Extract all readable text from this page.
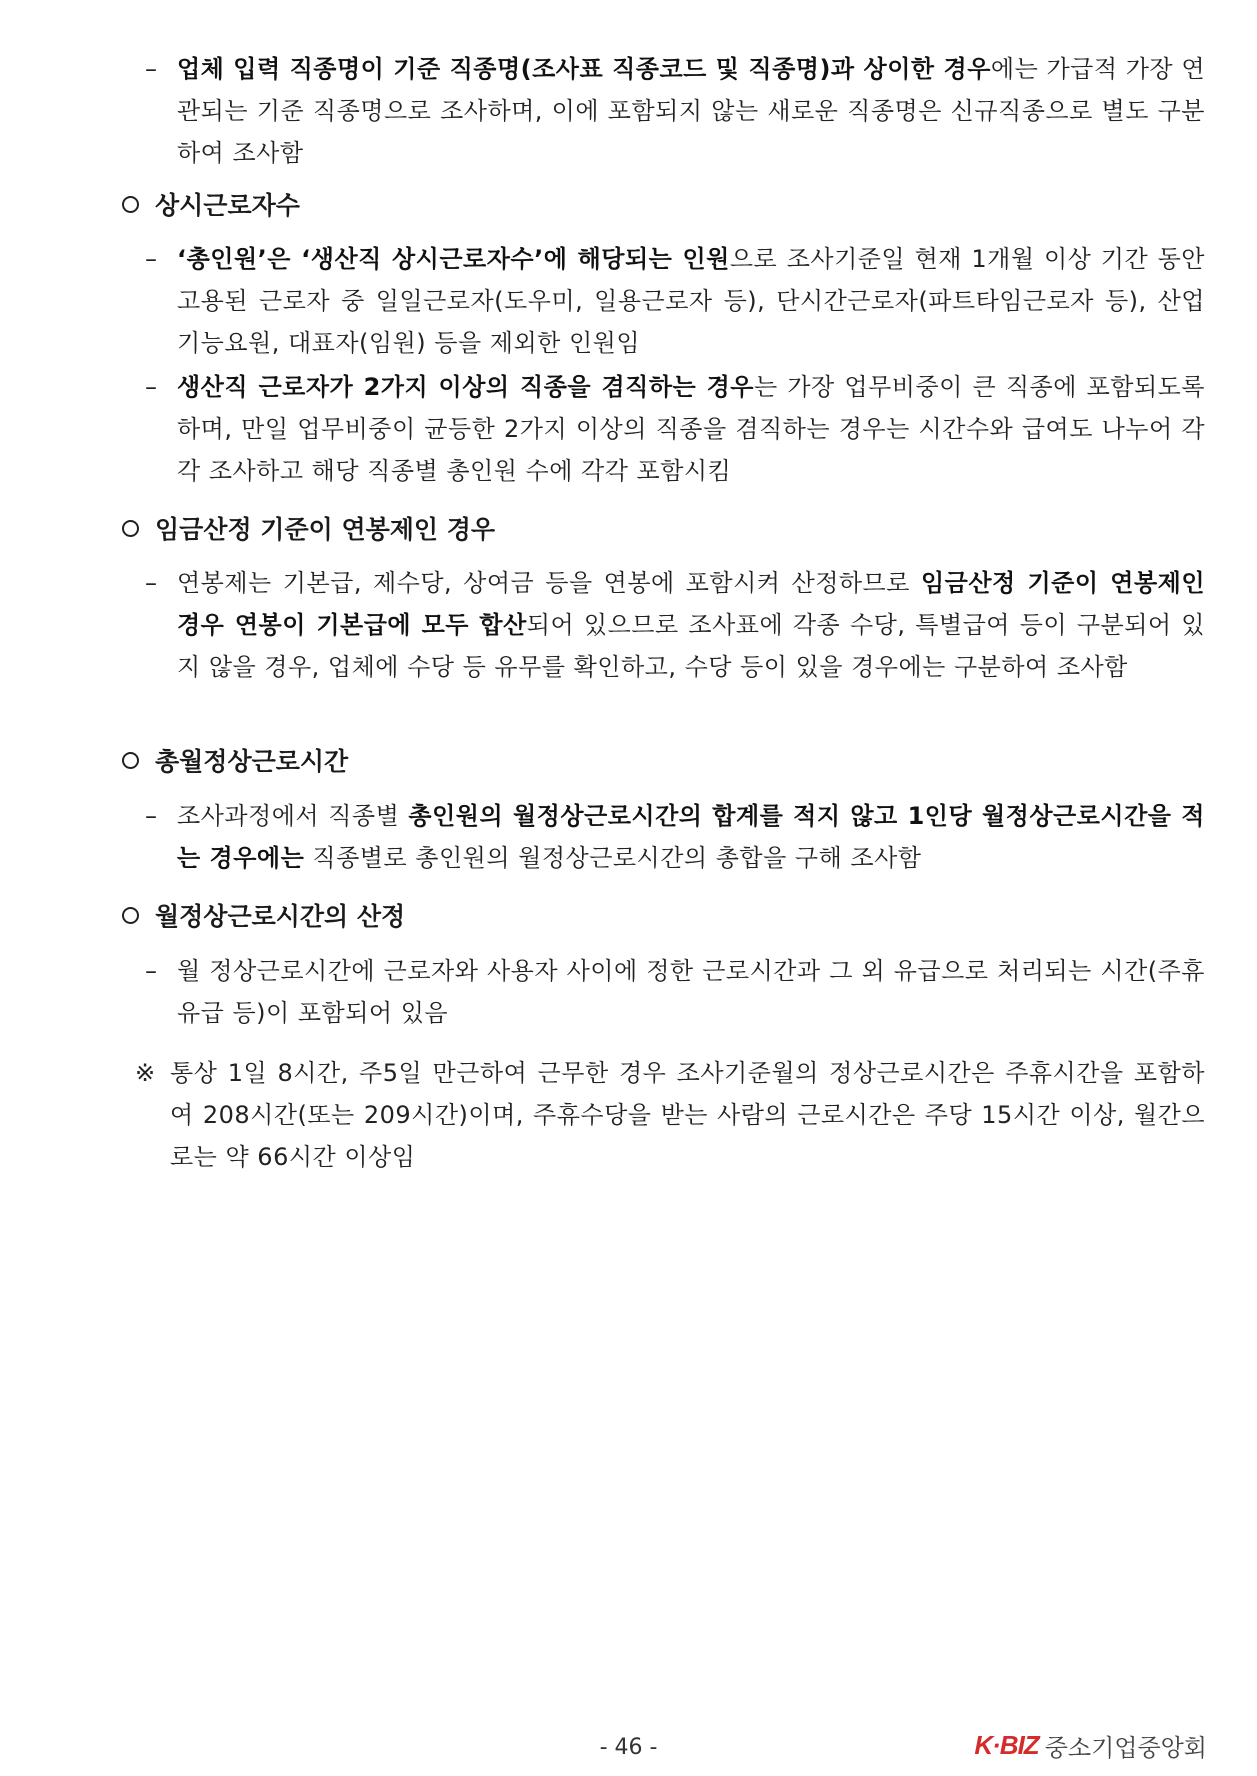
– 업체 입력 직종명이 기준 직종명(조사표 직종코드 및 직종명)과 상이한 경우에는 가급적 가장 연관되는 기준 직종명으로 조사하며, 이에 포함되지 않는 새로운 직종명은 신규직종으로 별도 구분하여 조사함
상시근로자수
– ‘총인원’은 ‘생산직 상시근로자수’에 해당되는 인원으로 조사기준일 현재 1개월 이상 기간 동안 고용된 근로자 중 일일근로자(도우미, 일용근로자 등), 단시간근로자(파트타임근로자 등), 산업기능요원, 대표자(임원) 등을 제외한 인원임
– 생산직 근로자가 2가지 이상의 직종을 겸직하는 경우는 가장 업무비중이 큰 직종에 포함되도록 하며, 만일 업무비중이 균등한 2가지 이상의 직종을 겸직하는 경우는 시간수와 급여도 나누어 각각 조사하고 해당 직종별 총인원 수에 각각 포함시킴
임금산정 기준이 연봉제인 경우
– 연봉제는 기본급, 제수당, 상여금 등을 연봉에 포함시켜 산정하므로 임금산정 기준이 연봉제인 경우 연봉이 기본급에 모두 합산되어 있으므로 조사표에 각종 수당, 특별급여 등이 구분되어 있지 않을 경우, 업체에 수당 등 유무를 확인하고, 수당 등이 있을 경우에는 구분하여 조사함
총월정상근로시간
– 조사과정에서 직종별 총인원의 월정상근로시간의 합계를 적지 않고 1인당 월정상근로시간을 적는 경우에는 직종별로 총인원의 월정상근로시간의 총합을 구해 조사함
월정상근로시간의 산정
– 월 정상근로시간에 근로자와 사용자 사이에 정한 근로시간과 그 외 유급으로 처리되는 시간(주휴유급 등)이 포함되어 있음
※ 통상 1일 8시간, 주5일 만근하여 근무한 경우 조사기준월의 정상근로시간은 주휴시간을 포함하여 208시간(또는 209시간)이며, 주휴수당을 받는 사람의 근로시간은 주당 15시간 이상, 월간으로는 약 66시간 이상임
- 46 -	K·BIZ 중소기업중앙회
